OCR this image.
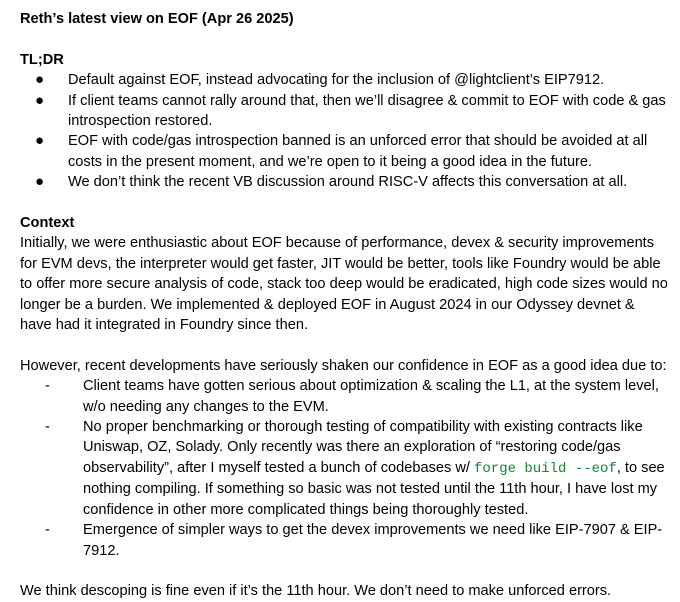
Reth’s latest view on EOF (Apr 26 2025)

TL;DR

● Default against EOF, instead advocating for the inclusion of @lightclient’s EIP7912.
● If client teams cannot rally around that, then we’ll disagree & commit to EOF with code & gas introspection restored.
● EOF with code/gas introspection banned is an unforced error that should be avoided at all costs in the present moment, and we’re open to it being a good idea in the future.
● We don’t think the recent VB discussion around RISC-V affects this conversation at all.

Context

Initially, we were enthusiastic about EOF because of performance, devex & security improvements for EVM devs, the interpreter would get faster, JIT would be better, tools like Foundry would be able to offer more secure analysis of code, stack too deep would be eradicated, high code sizes would no longer be a burden. We implemented & deployed EOF in August 2024 in our Odyssey devnet & have had it integrated in Foundry since then.

However, recent developments have seriously shaken our confidence in EOF as a good idea due to:

- Client teams have gotten serious about optimization & scaling the L1, at the system level, w/o needing any changes to the EVM.
- No proper benchmarking or thorough testing of compatibility with existing contracts like Uniswap, OZ, Solady. Only recently was there an exploration of “restoring code/gas observability”, after I myself tested a bunch of codebases w/ forge build --eof, to see nothing compiling. If something so basic was not tested until the 11th hour, I have lost my confidence in other more complicated things being thoroughly tested.
- Emergence of simpler ways to get the devex improvements we need like EIP-7907 & EIP-7912.

We think descoping is fine even if it’s the 11th hour. We don’t need to make unforced errors.
